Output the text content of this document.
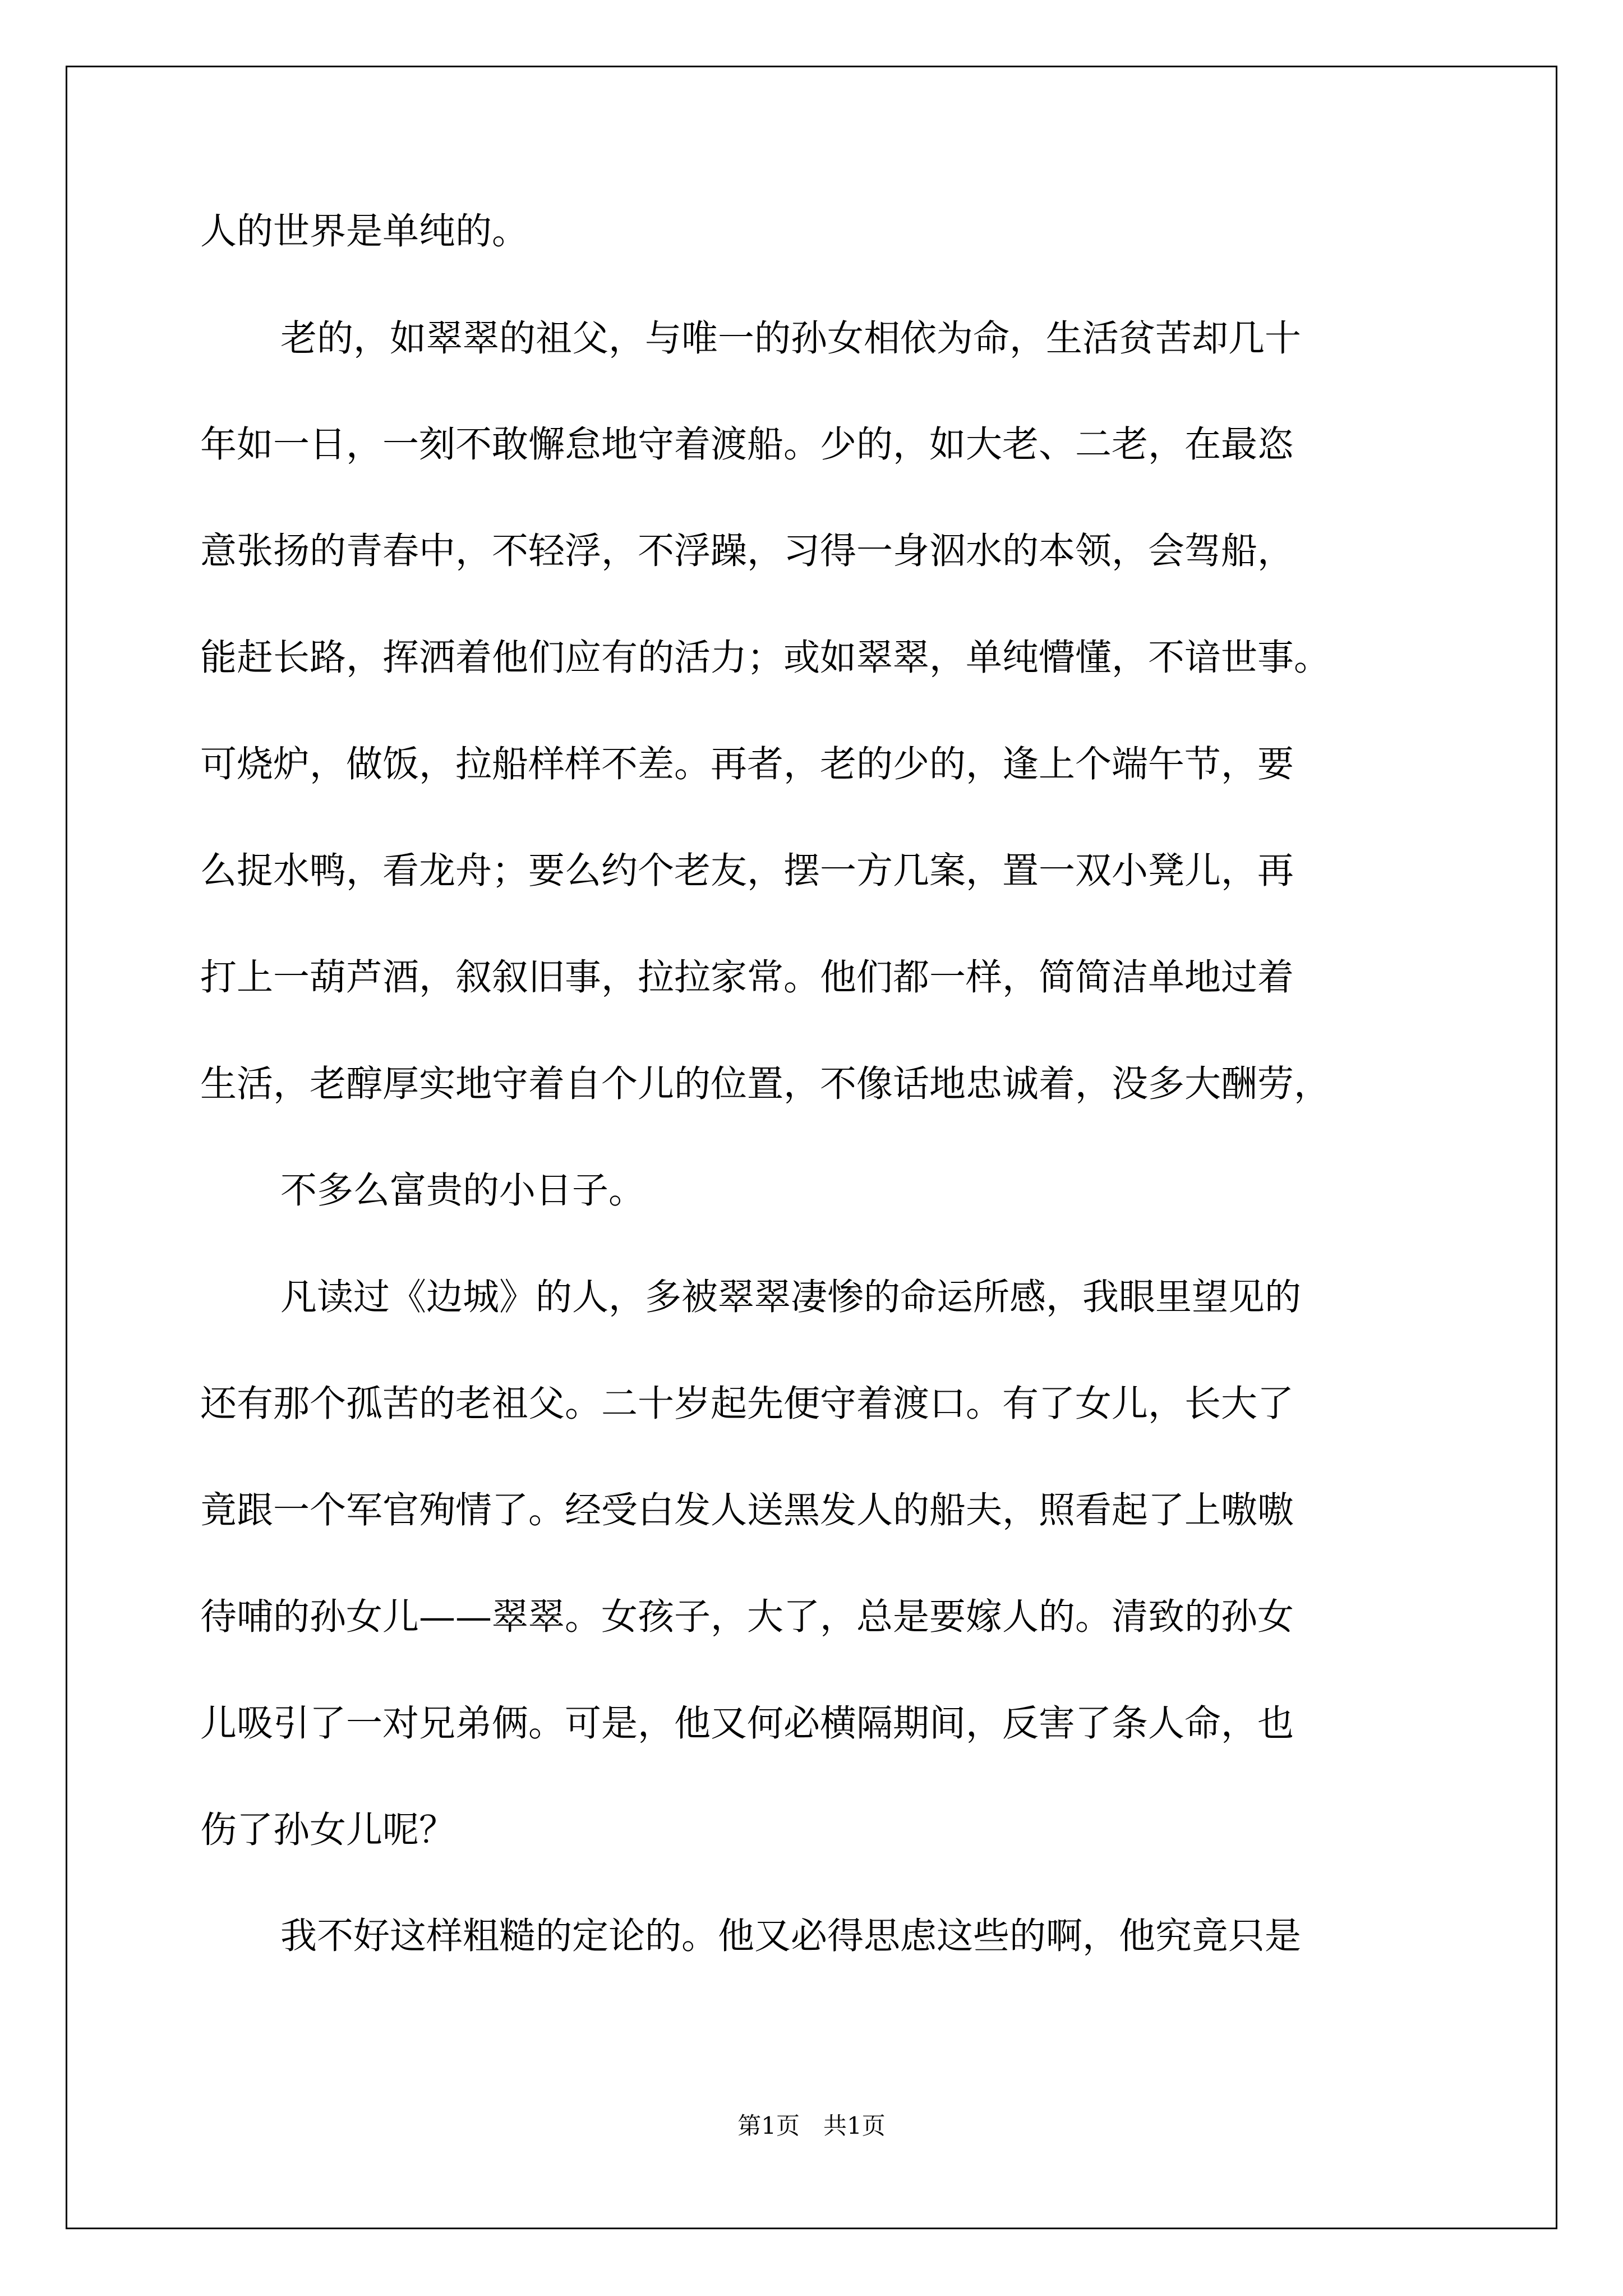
人的世界是单纯的。
老的，如翠翠的祖父，与唯一的孙女相依为命，生活贫苦却几十
年如一日，一刻不敢懈怠地守着渡船。少的，如大老、二老，在最恣
意张扬的青春中，不轻浮，不浮躁，习得一身泅水的本领，会驾船，
能赶长路，挥洒着他们应有的活力；或如翠翠，单纯懵懂，不谙世事。
可烧炉，做饭，拉船样样不差。再者，老的少的，逢上个端午节，要
么捉水鸭，看龙舟；要么约个老友，摆一方几案，置一双小凳儿，再
打上一葫芦酒，叙叙旧事，拉拉家常。他们都一样，简简洁单地过着
生活，老醇厚实地守着自个儿的位置，不像话地忠诚着，没多大酬劳，
不多么富贵的小日子。
凡读过《边城》的人，多被翠翠凄惨的命运所感，我眼里望见的
还有那个孤苦的老祖父。二十岁起先便守着渡口。有了女儿，长大了
竟跟一个军官殉情了。经受白发人送黑发人的船夫，照看起了上嗷嗷
待哺的孙女儿——翠翠。女孩子，大了，总是要嫁人的。清致的孙女
儿吸引了一对兄弟俩。可是，他又何必横隔期间，反害了条人命，也
伤了孙女儿呢？
我不好这样粗糙的定论的。他又必得思虑这些的啊，他究竟只是
第1页　共1页
